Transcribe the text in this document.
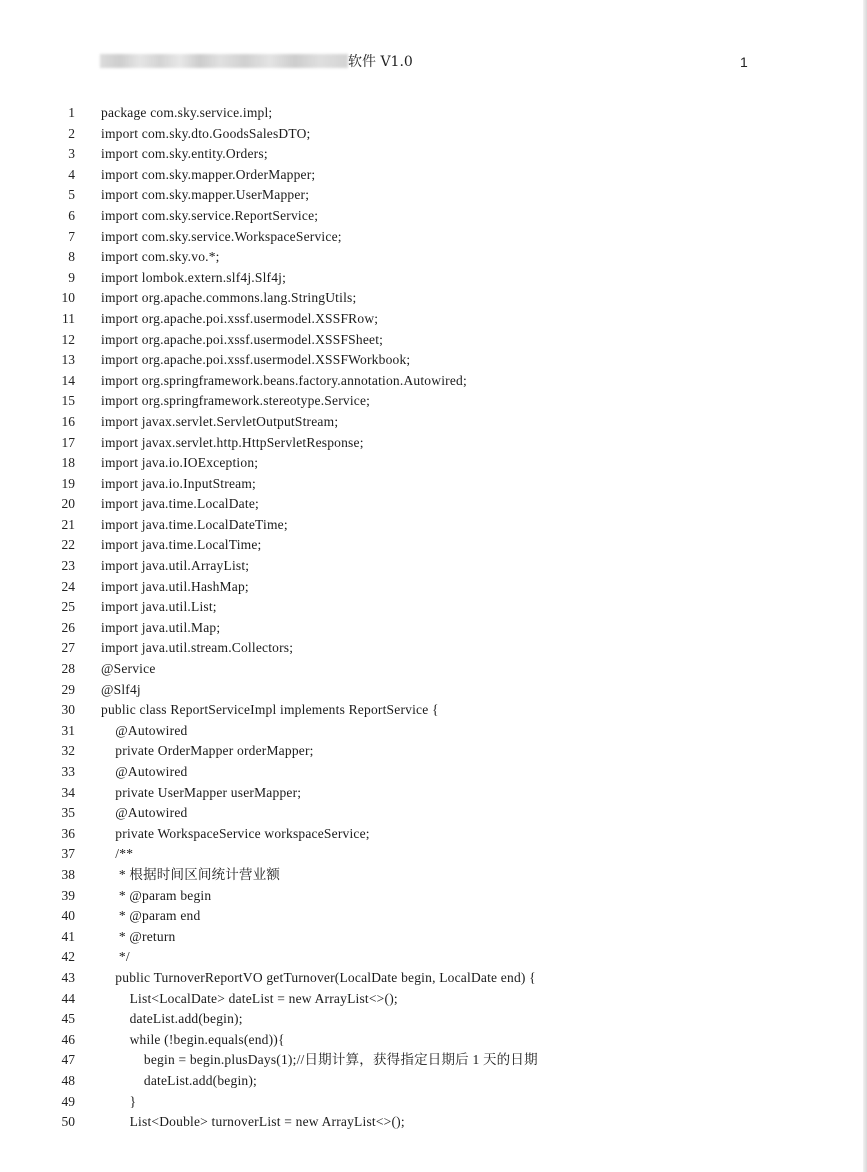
软件 V1.0	1
1 package com.sky.service.impl;
2 import com.sky.dto.GoodsSalesDTO;
3 import com.sky.entity.Orders;
4 import com.sky.mapper.OrderMapper;
5 import com.sky.mapper.UserMapper;
6 import com.sky.service.ReportService;
7 import com.sky.service.WorkspaceService;
8 import com.sky.vo.*;
9 import lombok.extern.slf4j.Slf4j;
10 import org.apache.commons.lang.StringUtils;
11 import org.apache.poi.xssf.usermodel.XSSFRow;
12 import org.apache.poi.xssf.usermodel.XSSFSheet;
13 import org.apache.poi.xssf.usermodel.XSSFWorkbook;
14 import org.springframework.beans.factory.annotation.Autowired;
15 import org.springframework.stereotype.Service;
16 import javax.servlet.ServletOutputStream;
17 import javax.servlet.http.HttpServletResponse;
18 import java.io.IOException;
19 import java.io.InputStream;
20 import java.time.LocalDate;
21 import java.time.LocalDateTime;
22 import java.time.LocalTime;
23 import java.util.ArrayList;
24 import java.util.HashMap;
25 import java.util.List;
26 import java.util.Map;
27 import java.util.stream.Collectors;
28 @Service
29 @Slf4j
30 public class ReportServiceImpl implements ReportService {
31 @Autowired
32 private OrderMapper orderMapper;
33 @Autowired
34 private UserMapper userMapper;
35 @Autowired
36 private WorkspaceService workspaceService;
37 /**
38 * 根据时间区间统计营业额
39 * @param begin
40 * @param end
41 * @return
42 */
43 public TurnoverReportVO getTurnover(LocalDate begin, LocalDate end) {
44 List<LocalDate> dateList = new ArrayList<>();
45 dateList.add(begin);
46 while (!begin.equals(end)){
47 begin = begin.plusDays(1);//日期计算，获得指定日期后 1 天的日期
48 dateList.add(begin);
49 }
50 List<Double> turnoverList = new ArrayList<>();
